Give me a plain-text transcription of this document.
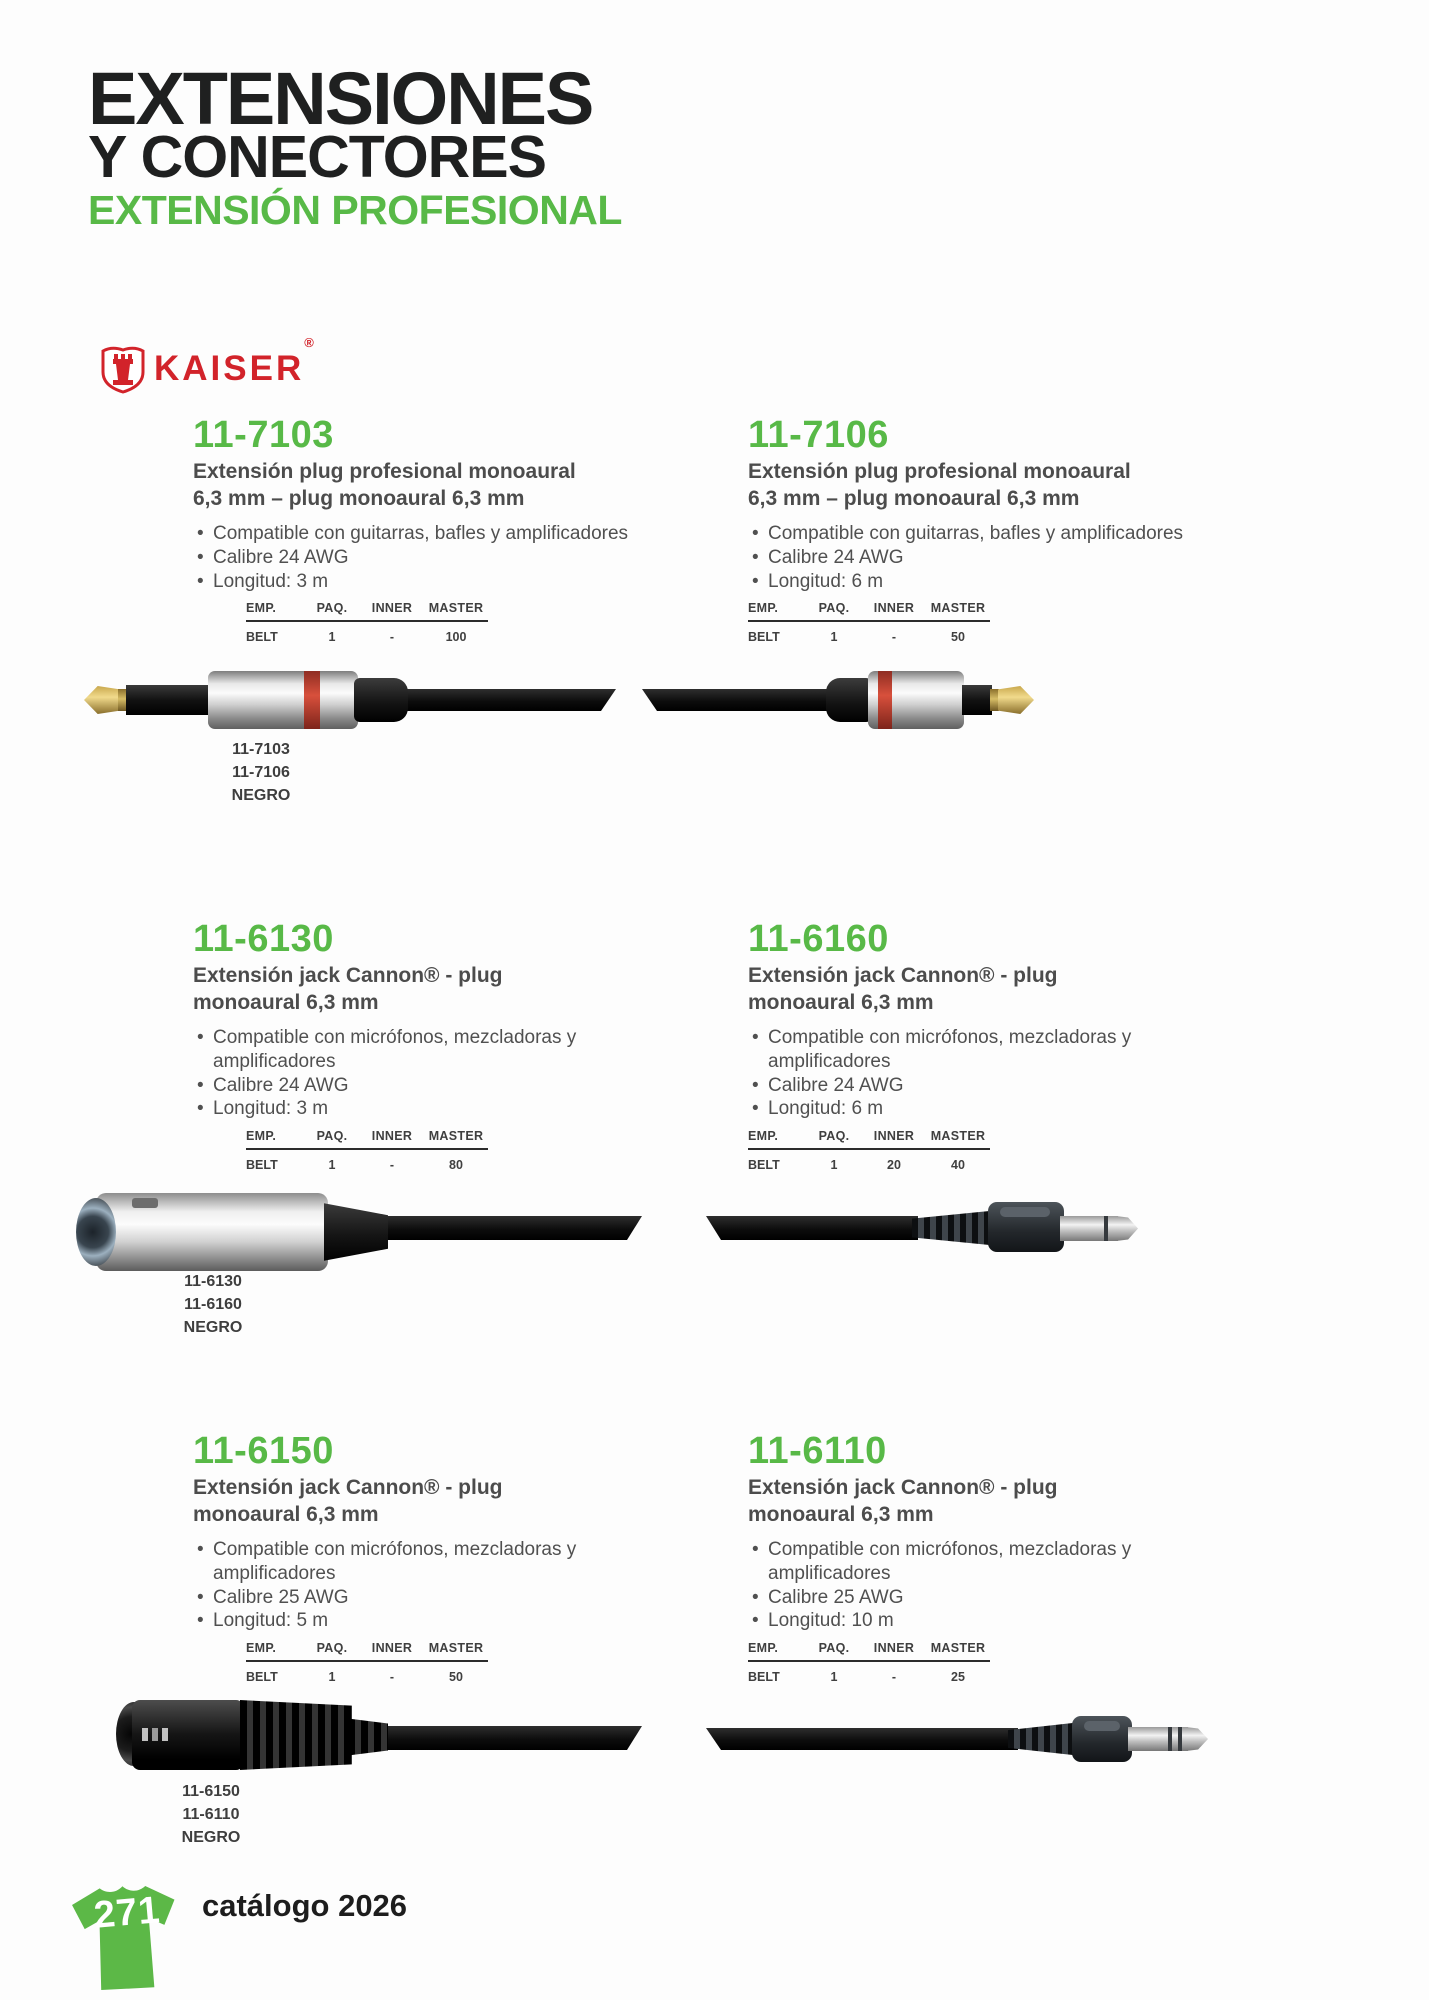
EXTENSIONES
Y CONECTORES
EXTENSIÓN PROFESIONAL
KAISER®
11-7103

Extensión plug profesional monoaural
6,3 mm – plug monoaural 6,3 mm

• Compatible con guitarras, bafles y amplificadores
• Calibre 24 AWG
• Longitud: 3 m
EMP.	PAQ.	INNER	MASTER
BELT	1	-	100
11-7106

Extensión plug profesional monoaural
6,3 mm – plug monoaural 6,3 mm

• Compatible con guitarras, bafles y amplificadores
• Calibre 24 AWG
• Longitud: 6 m
EMP.	PAQ.	INNER	MASTER
BELT	1	-	50
11-6130

Extensión jack Cannon® - plug
monoaural 6,3 mm

• Compatible con micrófonos, mezcladoras y amplificadores
• Calibre 24 AWG
• Longitud: 3 m
EMP.	PAQ.	INNER	MASTER
BELT	1	-	80
11-6160

Extensión jack Cannon® - plug
monoaural 6,3 mm

• Compatible con micrófonos, mezcladoras y amplificadores
• Calibre 24 AWG
• Longitud: 6 m
EMP.	PAQ.	INNER	MASTER
BELT	1	20	40
11-6150

Extensión jack Cannon® - plug
monoaural 6,3 mm

• Compatible con micrófonos, mezcladoras y amplificadores
• Calibre 25 AWG
• Longitud: 5 m
EMP.	PAQ.	INNER	MASTER
BELT	1	-	50
11-6110

Extensión jack Cannon® - plug
monoaural 6,3 mm

• Compatible con micrófonos, mezcladoras y amplificadores
• Calibre 25 AWG
• Longitud: 10 m
EMP.	PAQ.	INNER	MASTER
BELT	1	-	25
11-7103
11-7106
NEGRO
11-6130
11-6160
NEGRO
11-6150
11-6110
NEGRO
271 catálogo 2026
